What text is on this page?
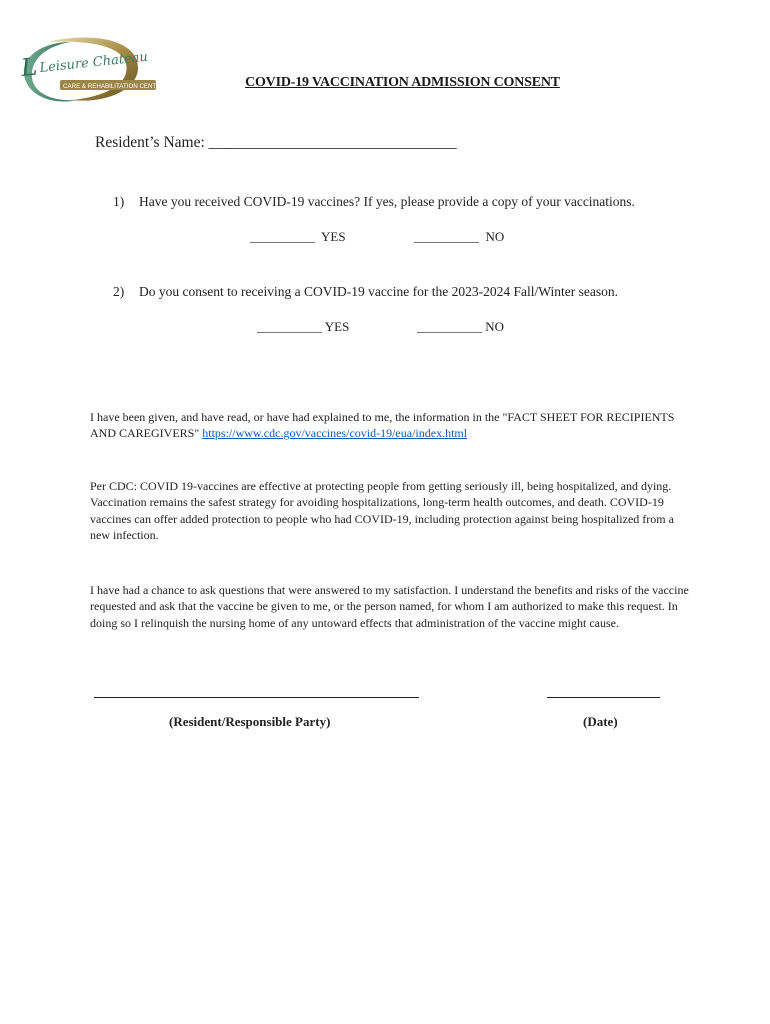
L Leisure Chateau
CARE & REHABILITATION CENTER	COVID-19 VACCINATION ADMISSION CONSENT
Resident’s Name: ________________________________
1) Have you received COVID-19 vaccines? If yes, please provide a copy of your vaccinations.
__________  YES	__________  NO
2) Do you consent to receiving a COVID-19 vaccine for the 2023-2024 Fall/Winter season.
__________ YES	__________ NO
I have been given, and have read, or have had explained to me, the information in the "FACT SHEET FOR RECIPIENTS AND CAREGIVERS" https://www.cdc.gov/vaccines/covid-19/eua/index.html
Per CDC: COVID 19-vaccines are effective at protecting people from getting seriously ill, being hospitalized, and dying. Vaccination remains the safest strategy for avoiding hospitalizations, long-term health outcomes, and death. COVID-19 vaccines can offer added protection to people who had COVID-19, including protection against being hospitalized from a new infection.
I have had a chance to ask questions that were answered to my satisfaction. I understand the benefits and risks of the vaccine requested and ask that the vaccine be given to me, or the person named, for whom I am authorized to make this request. In doing so I relinquish the nursing home of any untoward effects that administration of the vaccine might cause.
(Resident/Responsible Party)	(Date)
